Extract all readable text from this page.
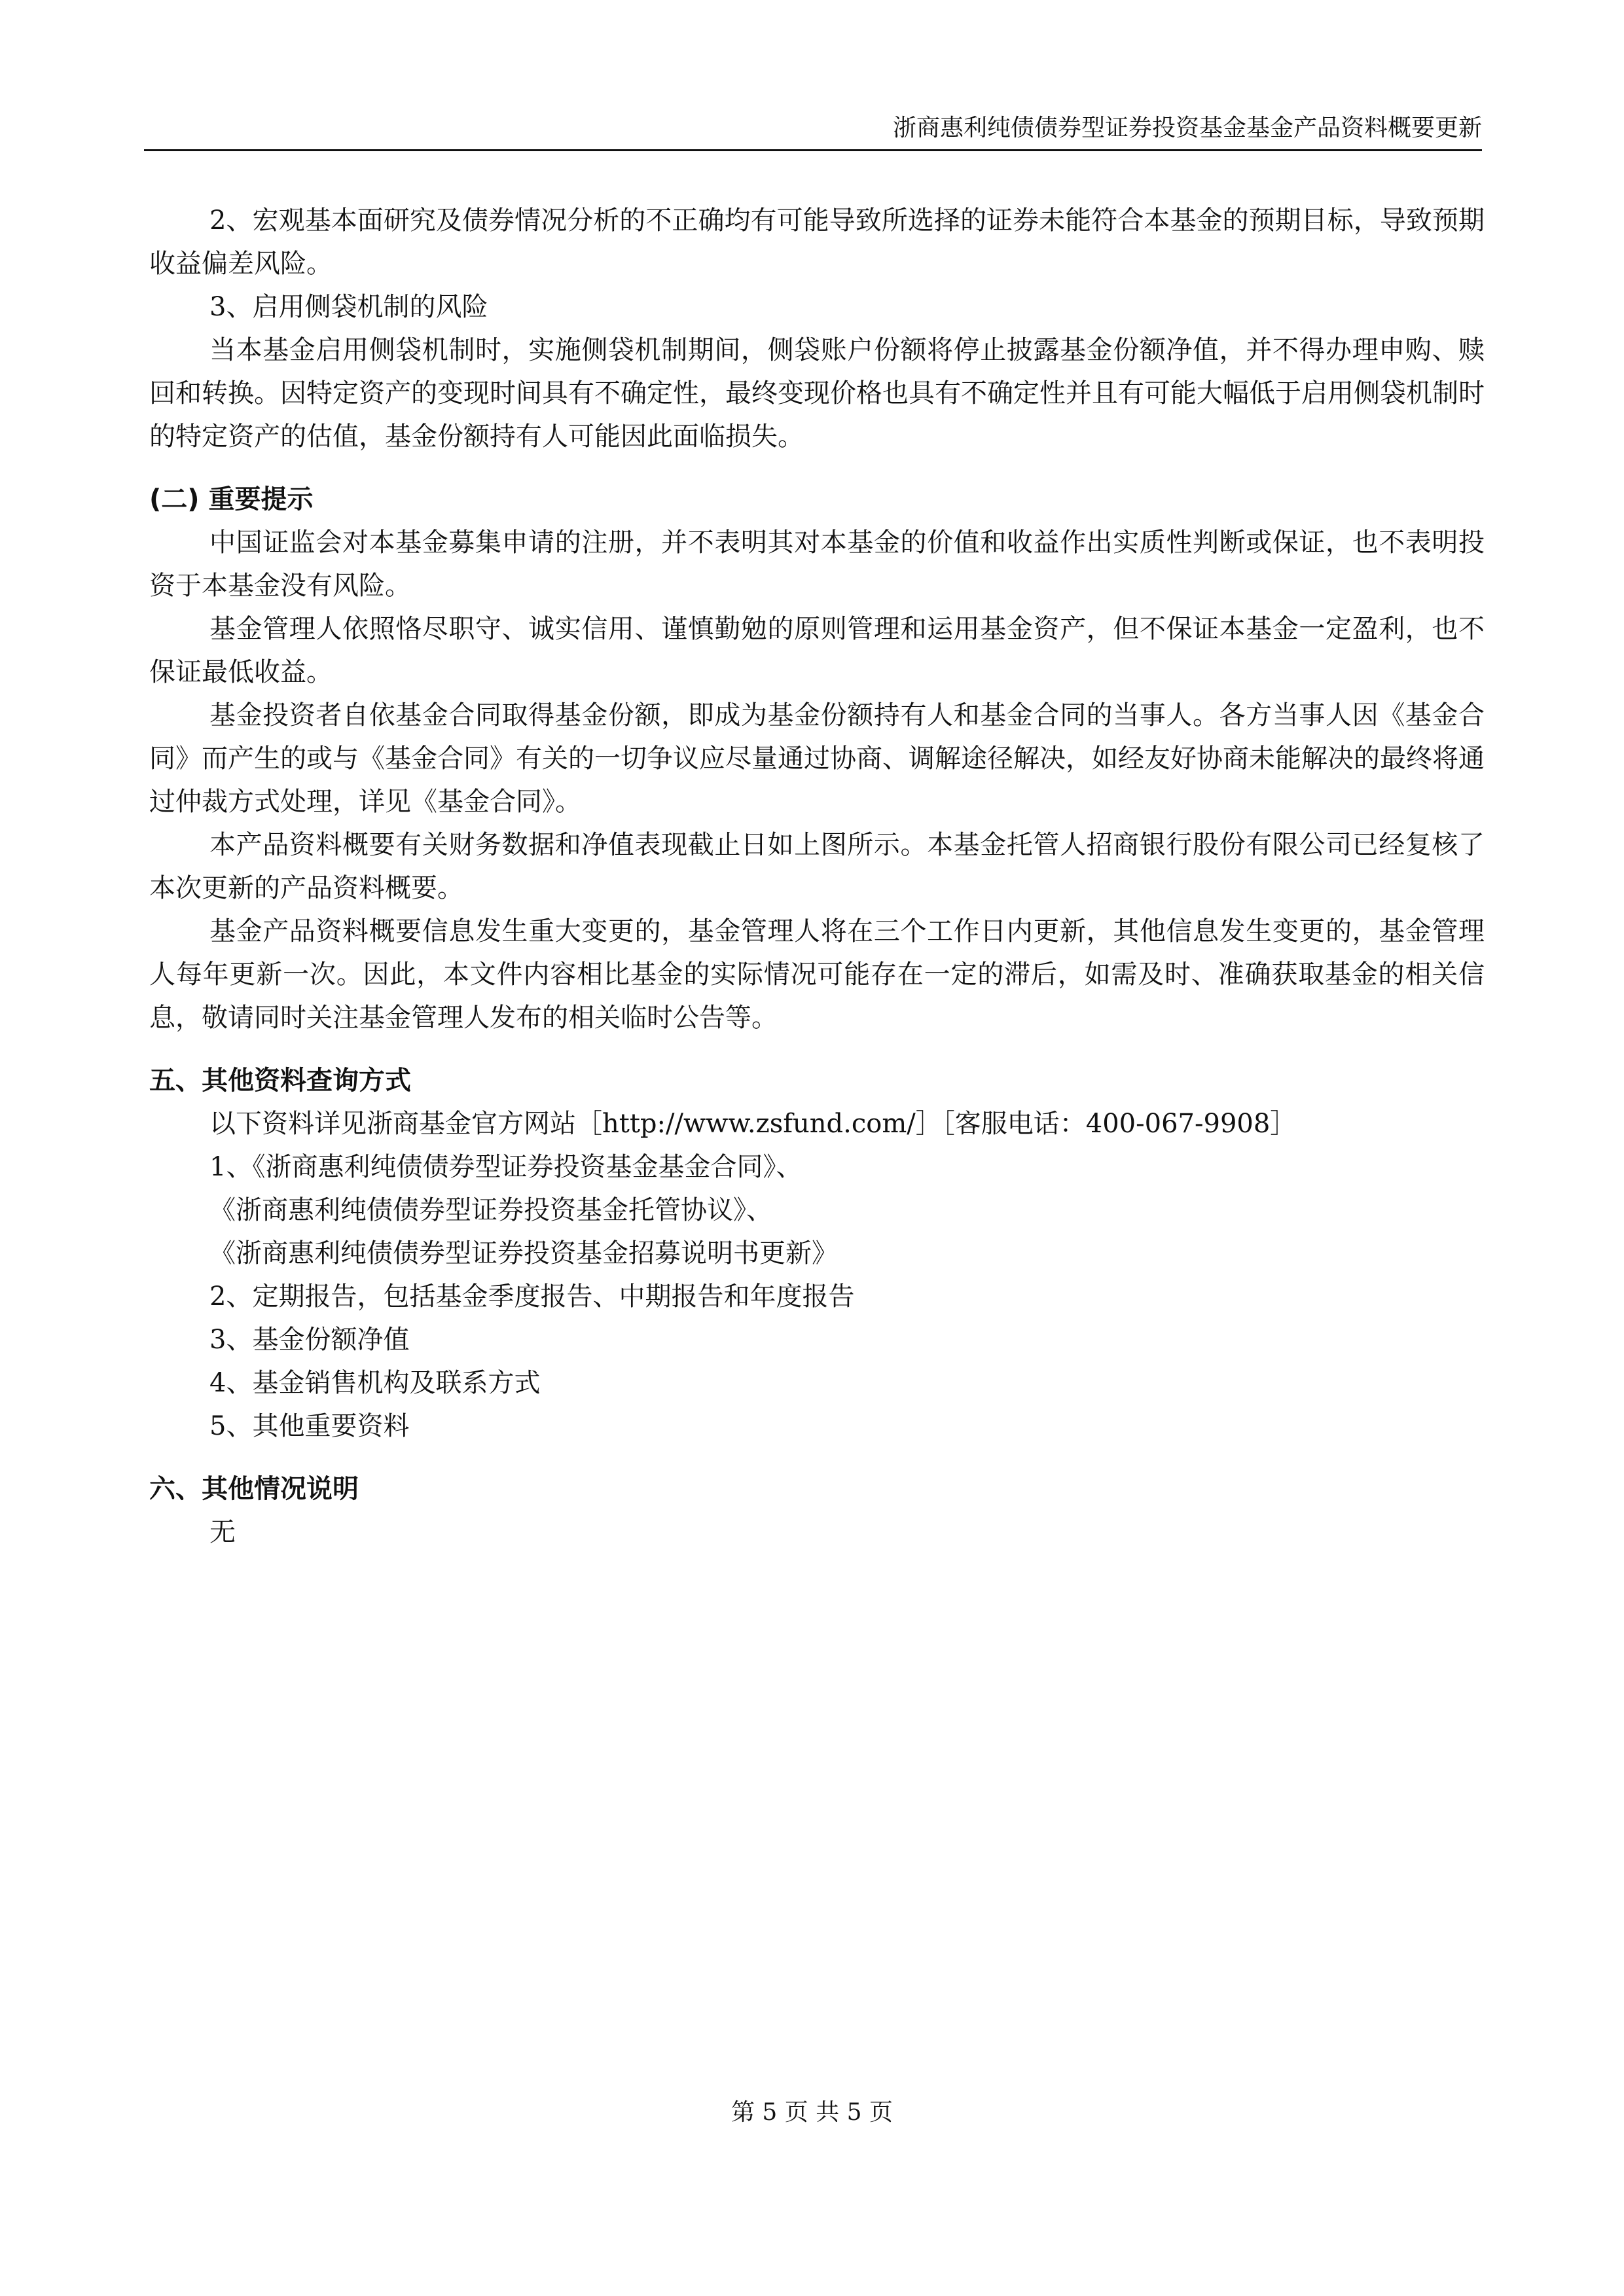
浙商惠利纯债债券型证券投资基金基金产品资料概要更新

2、宏观基本面研究及债券情况分析的不正确均有可能导致所选择的证券未能符合本基金的预期目标，导致预期收益偏差风险。

3、启用侧袋机制的风险

当本基金启用侧袋机制时，实施侧袋机制期间，侧袋账户份额将停止披露基金份额净值，并不得办理申购、赎回和转换。因特定资产的变现时间具有不确定性，最终变现价格也具有不确定性并且有可能大幅低于启用侧袋机制时的特定资产的估值，基金份额持有人可能因此面临损失。

(二) 重要提示

中国证监会对本基金募集申请的注册，并不表明其对本基金的价值和收益作出实质性判断或保证，也不表明投资于本基金没有风险。

基金管理人依照恪尽职守、诚实信用、谨慎勤勉的原则管理和运用基金资产，但不保证本基金一定盈利，也不保证最低收益。

基金投资者自依基金合同取得基金份额，即成为基金份额持有人和基金合同的当事人。各方当事人因《基金合同》而产生的或与《基金合同》有关的一切争议应尽量通过协商、调解途径解决，如经友好协商未能解决的最终将通过仲裁方式处理，详见《基金合同》。

本产品资料概要有关财务数据和净值表现截止日如上图所示。本基金托管人招商银行股份有限公司已经复核了本次更新的产品资料概要。

基金产品资料概要信息发生重大变更的，基金管理人将在三个工作日内更新，其他信息发生变更的，基金管理人每年更新一次。因此，本文件内容相比基金的实际情况可能存在一定的滞后，如需及时、准确获取基金的相关信息，敬请同时关注基金管理人发布的相关临时公告等。

五、其他资料查询方式

以下资料详见浙商基金官方网站［http://www.zsfund.com/］［客服电话：400-067-9908］

1、《浙商惠利纯债债券型证券投资基金基金合同》、

《浙商惠利纯债债券型证券投资基金托管协议》、

《浙商惠利纯债债券型证券投资基金招募说明书更新》

2、定期报告，包括基金季度报告、中期报告和年度报告

3、基金份额净值

4、基金销售机构及联系方式

5、其他重要资料

六、其他情况说明

无

第 5 页 共 5 页
